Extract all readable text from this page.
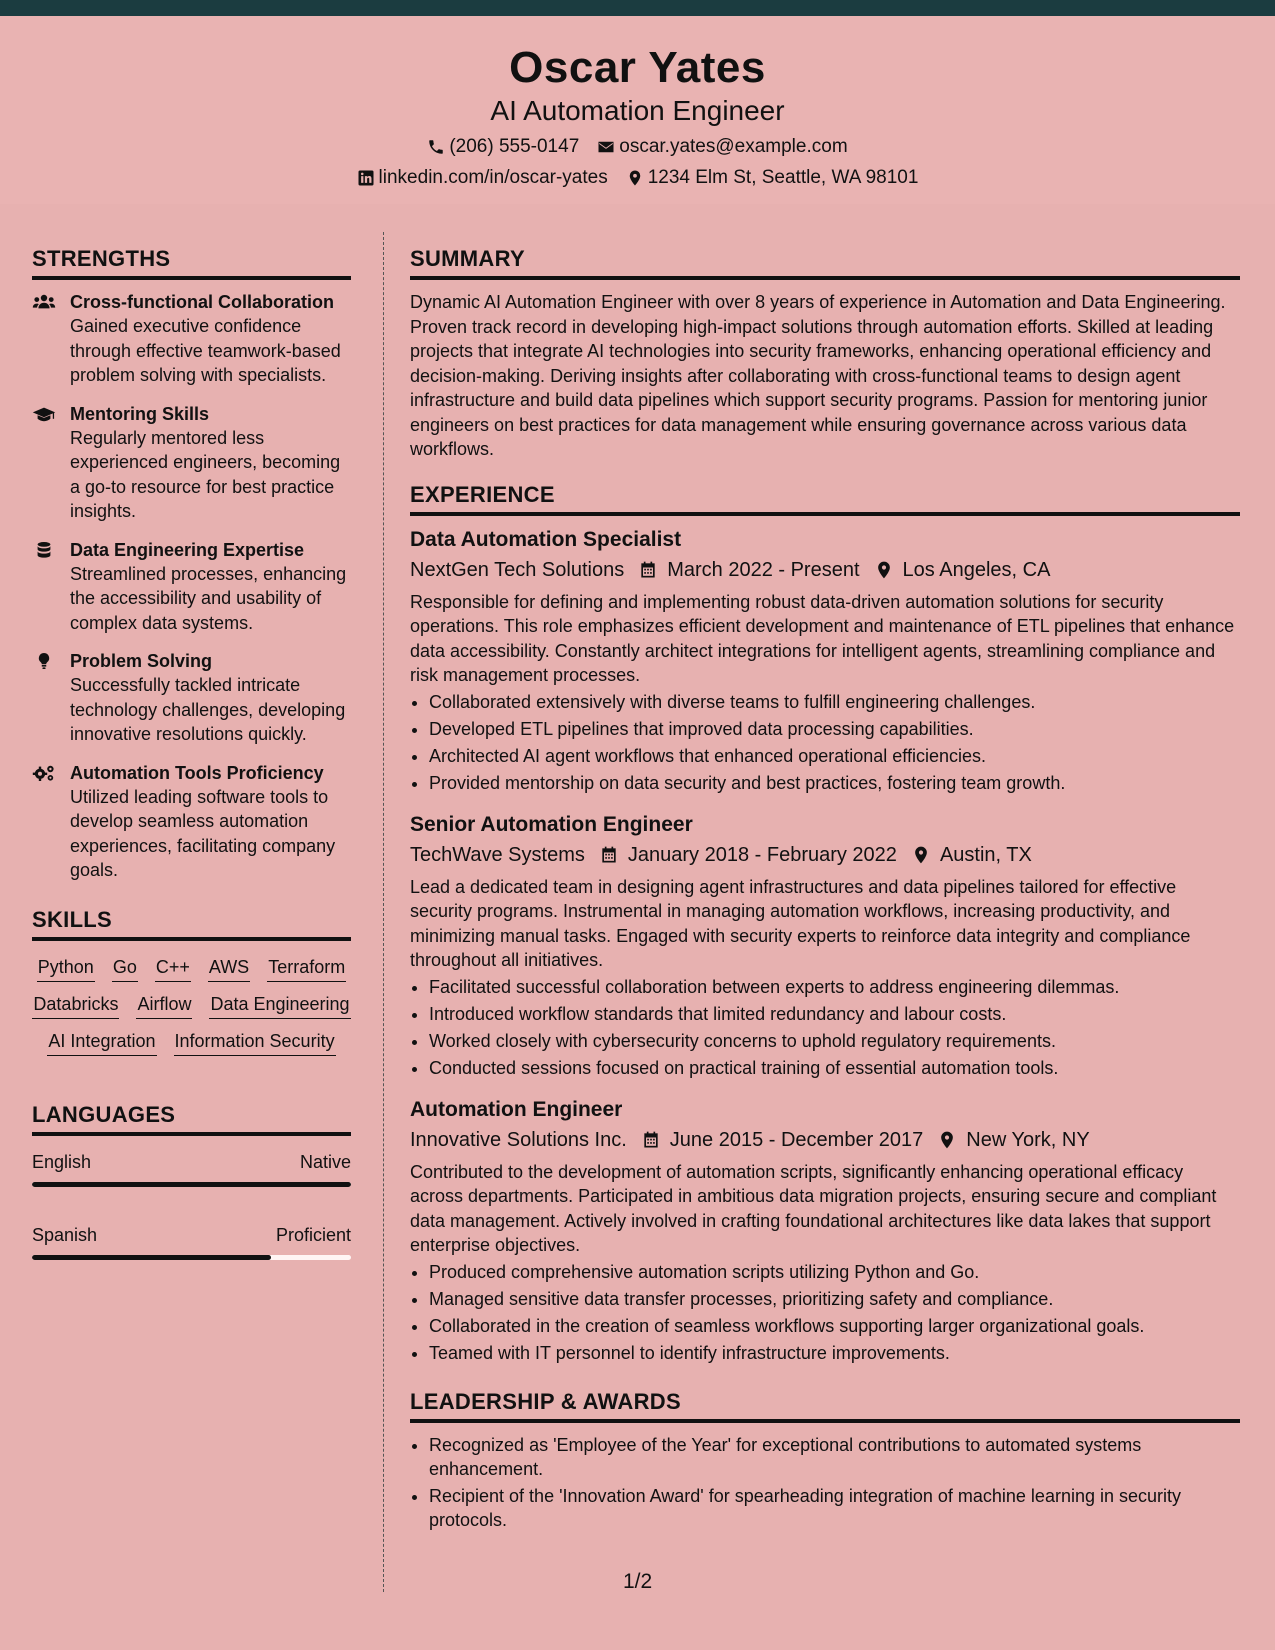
Oscar Yates
AI Automation Engineer
(206) 555-0147 oscar.yates@example.com
linkedin.com/in/oscar-yates 1234 Elm St, Seattle, WA 98101
STRENGTHS
Cross-functional Collaboration
Gained executive confidence through effective teamwork-based problem solving with specialists.
Mentoring Skills
Regularly mentored less experienced engineers, becoming a go-to resource for best practice insights.
Data Engineering Expertise
Streamlined processes, enhancing the accessibility and usability of complex data systems.
Problem Solving
Successfully tackled intricate technology challenges, developing innovative resolutions quickly.
Automation Tools Proficiency
Utilized leading software tools to develop seamless automation experiences, facilitating company goals.
SKILLS
Python Go C++ AWS Terraform
Databricks Airflow Data Engineering
AI Integration Information Security
LANGUAGES
English	Native
Spanish	Proficient
SUMMARY
Dynamic AI Automation Engineer with over 8 years of experience in Automation and Data Engineering. Proven track record in developing high-impact solutions through automation efforts. Skilled at leading projects that integrate AI technologies into security frameworks, enhancing operational efficiency and decision-making. Deriving insights after collaborating with cross-functional teams to design agent infrastructure and build data pipelines which support security programs. Passion for mentoring junior engineers on best practices for data management while ensuring governance across various data workflows.
EXPERIENCE
Data Automation Specialist
NextGen Tech Solutions March 2022 - Present Los Angeles, CA
Responsible for defining and implementing robust data-driven automation solutions for security operations. This role emphasizes efficient development and maintenance of ETL pipelines that enhance data accessibility. Constantly architect integrations for intelligent agents, streamlining compliance and risk management processes.
• Collaborated extensively with diverse teams to fulfill engineering challenges.
• Developed ETL pipelines that improved data processing capabilities.
• Architected AI agent workflows that enhanced operational efficiencies.
• Provided mentorship on data security and best practices, fostering team growth.
Senior Automation Engineer
TechWave Systems January 2018 - February 2022 Austin, TX
Lead a dedicated team in designing agent infrastructures and data pipelines tailored for effective security programs. Instrumental in managing automation workflows, increasing productivity, and minimizing manual tasks. Engaged with security experts to reinforce data integrity and compliance throughout all initiatives.
• Facilitated successful collaboration between experts to address engineering dilemmas.
• Introduced workflow standards that limited redundancy and labour costs.
• Worked closely with cybersecurity concerns to uphold regulatory requirements.
• Conducted sessions focused on practical training of essential automation tools.
Automation Engineer
Innovative Solutions Inc. June 2015 - December 2017 New York, NY
Contributed to the development of automation scripts, significantly enhancing operational efficacy across departments. Participated in ambitious data migration projects, ensuring secure and compliant data management. Actively involved in crafting foundational architectures like data lakes that support enterprise objectives.
• Produced comprehensive automation scripts utilizing Python and Go.
• Managed sensitive data transfer processes, prioritizing safety and compliance.
• Collaborated in the creation of seamless workflows supporting larger organizational goals.
• Teamed with IT personnel to identify infrastructure improvements.
LEADERSHIP & AWARDS
• Recognized as 'Employee of the Year' for exceptional contributions to automated systems enhancement.
• Recipient of the 'Innovation Award' for spearheading integration of machine learning in security protocols.
1/2
